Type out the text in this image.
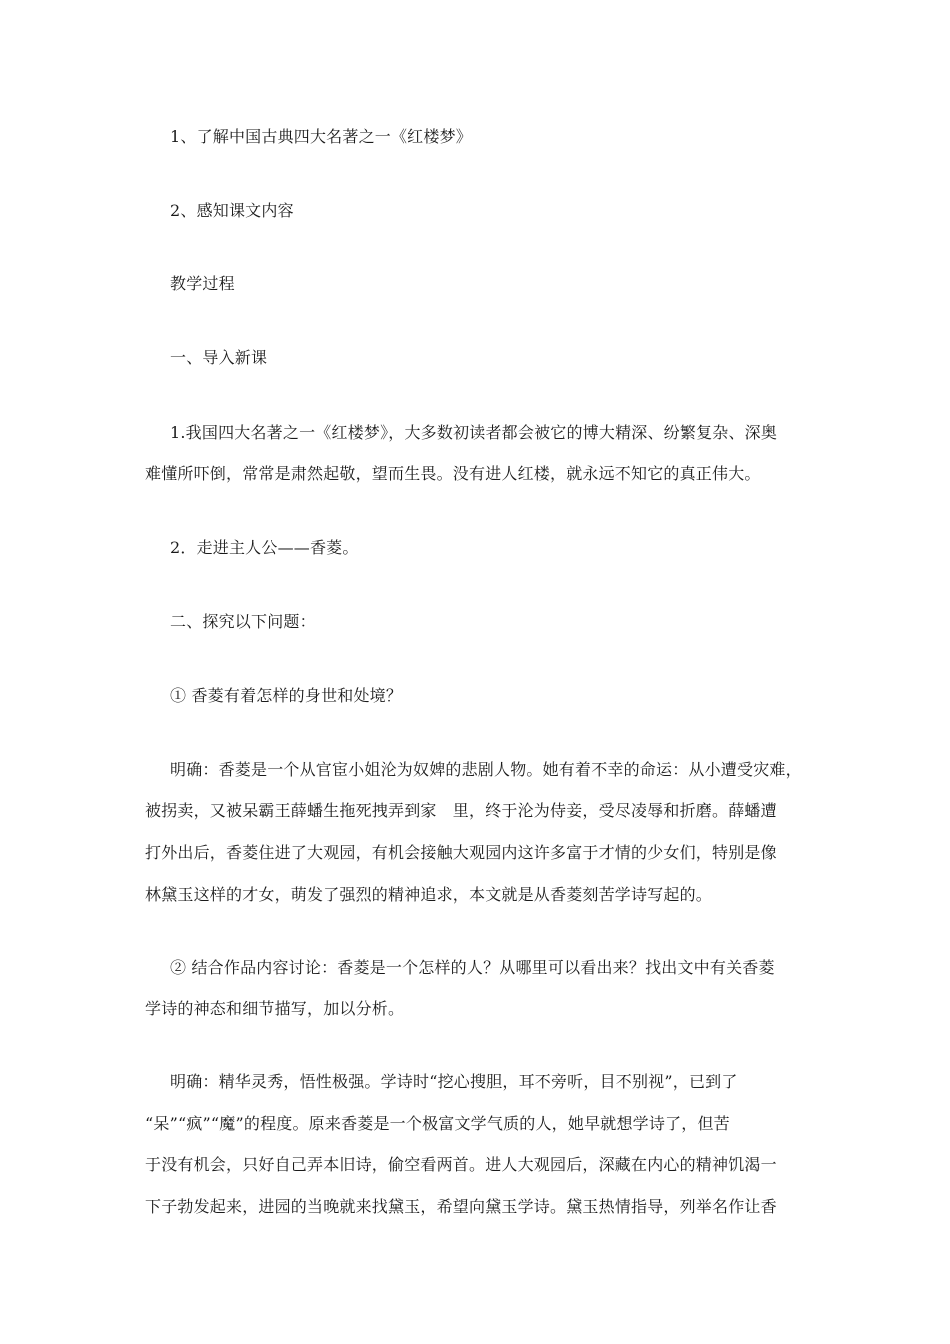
1、了解中国古典四大名著之一《红楼梦》
2、感知课文内容
教学过程
一、导入新课
1.我国四大名著之一《红楼梦》，大多数初读者都会被它的博大精深、纷繁复杂、深奥
难懂所吓倒，常常是肃然起敬，望而生畏。没有进人红楼，就永远不知它的真正伟大。
2．走进主人公——香菱。
二、探究以下问题：
① 香菱有着怎样的身世和处境？
明确：香菱是一个从官宦小姐沦为奴婢的悲剧人物。她有着不幸的命运：从小遭受灾难，
被拐卖，又被呆霸王薛蟠生拖死拽弄到家　里，终于沦为侍妾，受尽凌辱和折磨。薛蟠遭
打外出后，香菱住进了大观园，有机会接触大观园内这许多富于才情的少女们，特别是像
林黛玉这样的才女，萌发了强烈的精神追求，本文就是从香菱刻苦学诗写起的。
② 结合作品内容讨论：香菱是一个怎样的人？从哪里可以看出来？找出文中有关香菱
学诗的神态和细节描写，加以分析。
明确：精华灵秀，悟性极强。学诗时“挖心搜胆，耳不旁听，目不别视”，已到了
“呆”“疯”“魔”的程度。原来香菱是一个极富文学气质的人，她早就想学诗了，但苦
于没有机会，只好自己弄本旧诗，偷空看两首。进人大观园后，深藏在内心的精神饥渴一
下子勃发起来，进园的当晚就来找黛玉，希望向黛玉学诗。黛玉热情指导，列举名作让香
